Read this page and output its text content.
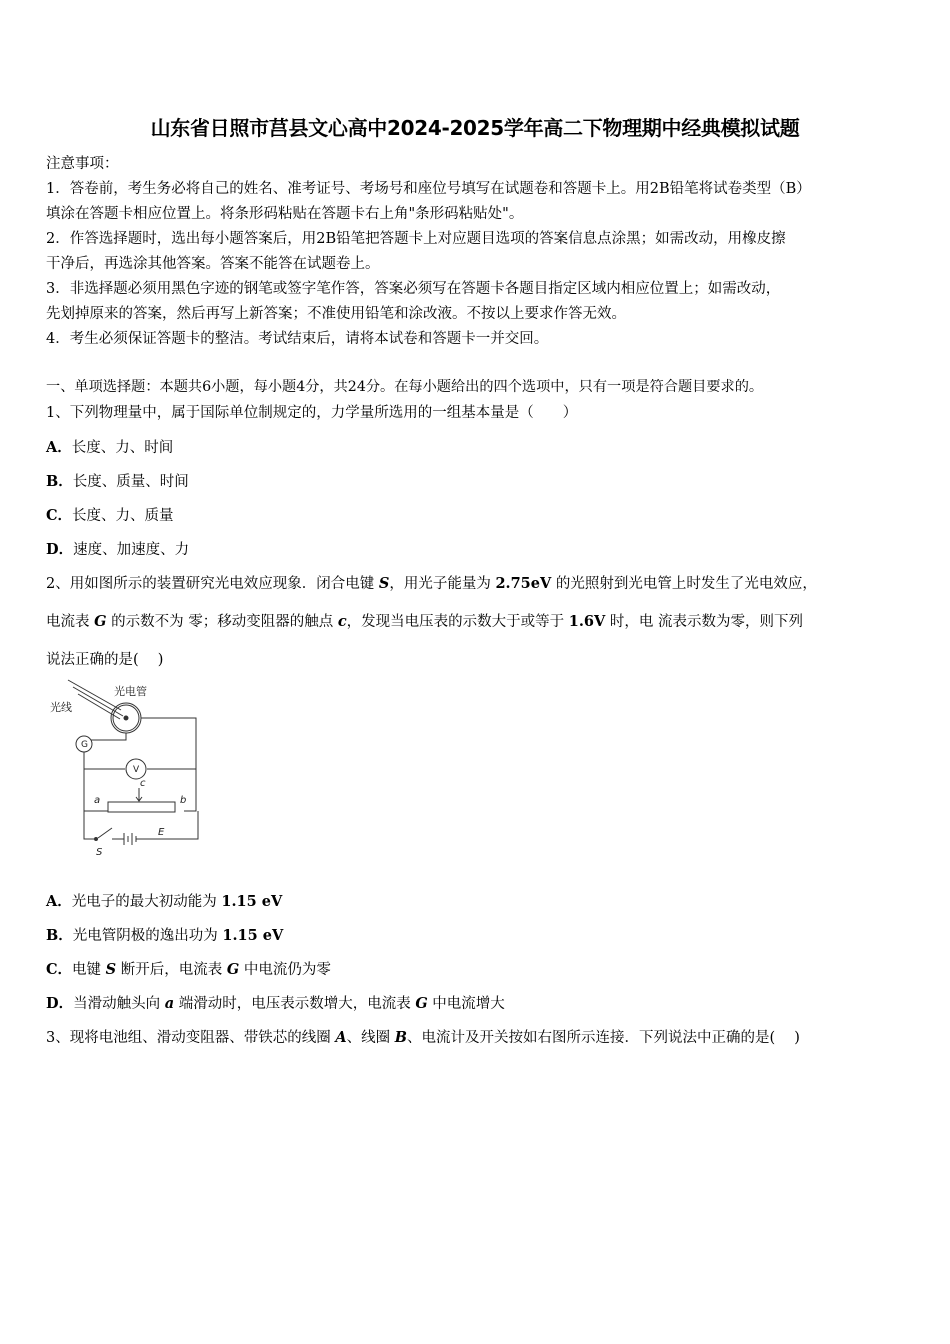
山东省日照市莒县文心高中2024-2025学年高二下物理期中经典模拟试题
注意事项：
1．答卷前，考生务必将自己的姓名、准考证号、考场号和座位号填写在试题卷和答题卡上。用2B铅笔将试卷类型（B）
填涂在答题卡相应位置上。将条形码粘贴在答题卡右上角"条形码粘贴处"。
2．作答选择题时，选出每小题答案后，用2B铅笔把答题卡上对应题目选项的答案信息点涂黑；如需改动，用橡皮擦
干净后，再选涂其他答案。答案不能答在试题卷上。
3．非选择题必须用黑色字迹的钢笔或签字笔作答，答案必须写在答题卡各题目指定区域内相应位置上；如需改动，
先划掉原来的答案，然后再写上新答案；不准使用铅笔和涂改液。不按以上要求作答无效。
4．考生必须保证答题卡的整洁。考试结束后，请将本试卷和答题卡一并交回。
一、单项选择题：本题共6小题，每小题4分，共24分。在每小题给出的四个选项中，只有一项是符合题目要求的。
1、下列物理量中，属于国际单位制规定的，力学量所选用的一组基本量是（　　）
A．长度、力、时间
B．长度、质量、时间
C．长度、力、质量
D．速度、加速度、力
2、用如图所示的装置研究光电效应现象．闭合电键 S，用光子能量为 2.75eV 的光照射到光电管上时发生了光电效应，
电流表 G 的示数不为 零；移动变阻器的触点 c，发现当电压表的示数大于或等于 1.6V 时，电 流表示数为零，则下列
说法正确的是(　 )
光电管
光线
G
V
a	b
c
E
S
A．光电子的最大初动能为 1.15 eV
B．光电管阴极的逸出功为 1.15 eV
C．电键 S 断开后，电流表 G 中电流仍为零
D．当滑动触头向 a 端滑动时，电压表示数增大，电流表 G 中电流增大
3、现将电池组、滑动变阻器、带铁芯的线圈 A、线圈 B、电流计及开关按如右图所示连接．下列说法中正确的是(　 )
